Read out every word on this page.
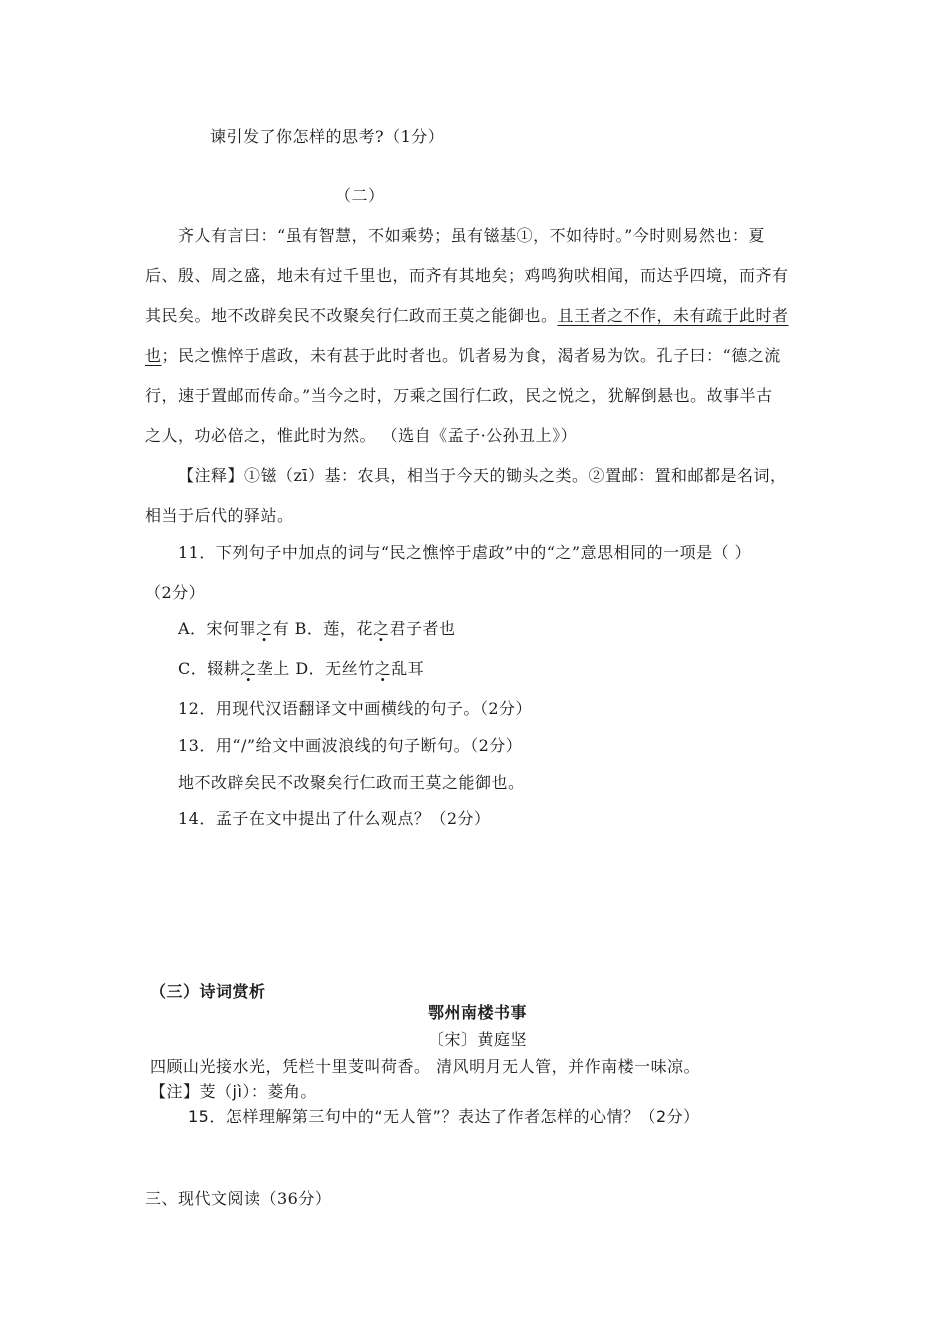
谏引发了你怎样的思考?（1分）
（二）
齐人有言曰：“虽有智慧，不如乘势；虽有镃基①，不如待时。”今时则易然也：夏
后、殷、周之盛，地未有过千里也，而齐有其地矣；鸡鸣狗吠相闻，而达乎四境，而齐有
其民矣。地不改辟矣民不改聚矣行仁政而王莫之能御也。且王者之不作，未有疏于此时者
也；民之憔悴于虐政，未有甚于此时者也。饥者易为食，渴者易为饮。孔子曰：“德之流
行，速于置邮而传命。”当今之时，万乘之国行仁政，民之悦之，犹解倒悬也。故事半古
之人，功必倍之，惟此时为然。 （选自《孟子·公孙丑上》）
【注释】①镃（zī）基：农具，相当于今天的锄头之类。②置邮：置和邮都是名词，
相当于后代的驿站。
11．下列句子中加点的词与“民之憔悴于虐政”中的“之”意思相同的一项是（ ）
（2分）
A．宋何罪之有 B．莲，花之君子者也
C．辍耕之垄上 D．无丝竹之乱耳
12．用现代汉语翻译文中画横线的句子。（2分）
13．用“/”给文中画波浪线的句子断句。（2分）
地不改辟矣民不改聚矣行仁政而王莫之能御也。
14．孟子在文中提出了什么观点？（2分）
（三）诗词赏析
鄂州南楼书事
〔宋〕黄庭坚
四顾山光接水光，凭栏十里芰叫荷香。 清风明月无人管，并作南楼一味凉。
【注】芰（jì）：菱角。
15．怎样理解第三句中的“无人管”？表达了作者怎样的心情？（2分）
三、现代文阅读（36分）
